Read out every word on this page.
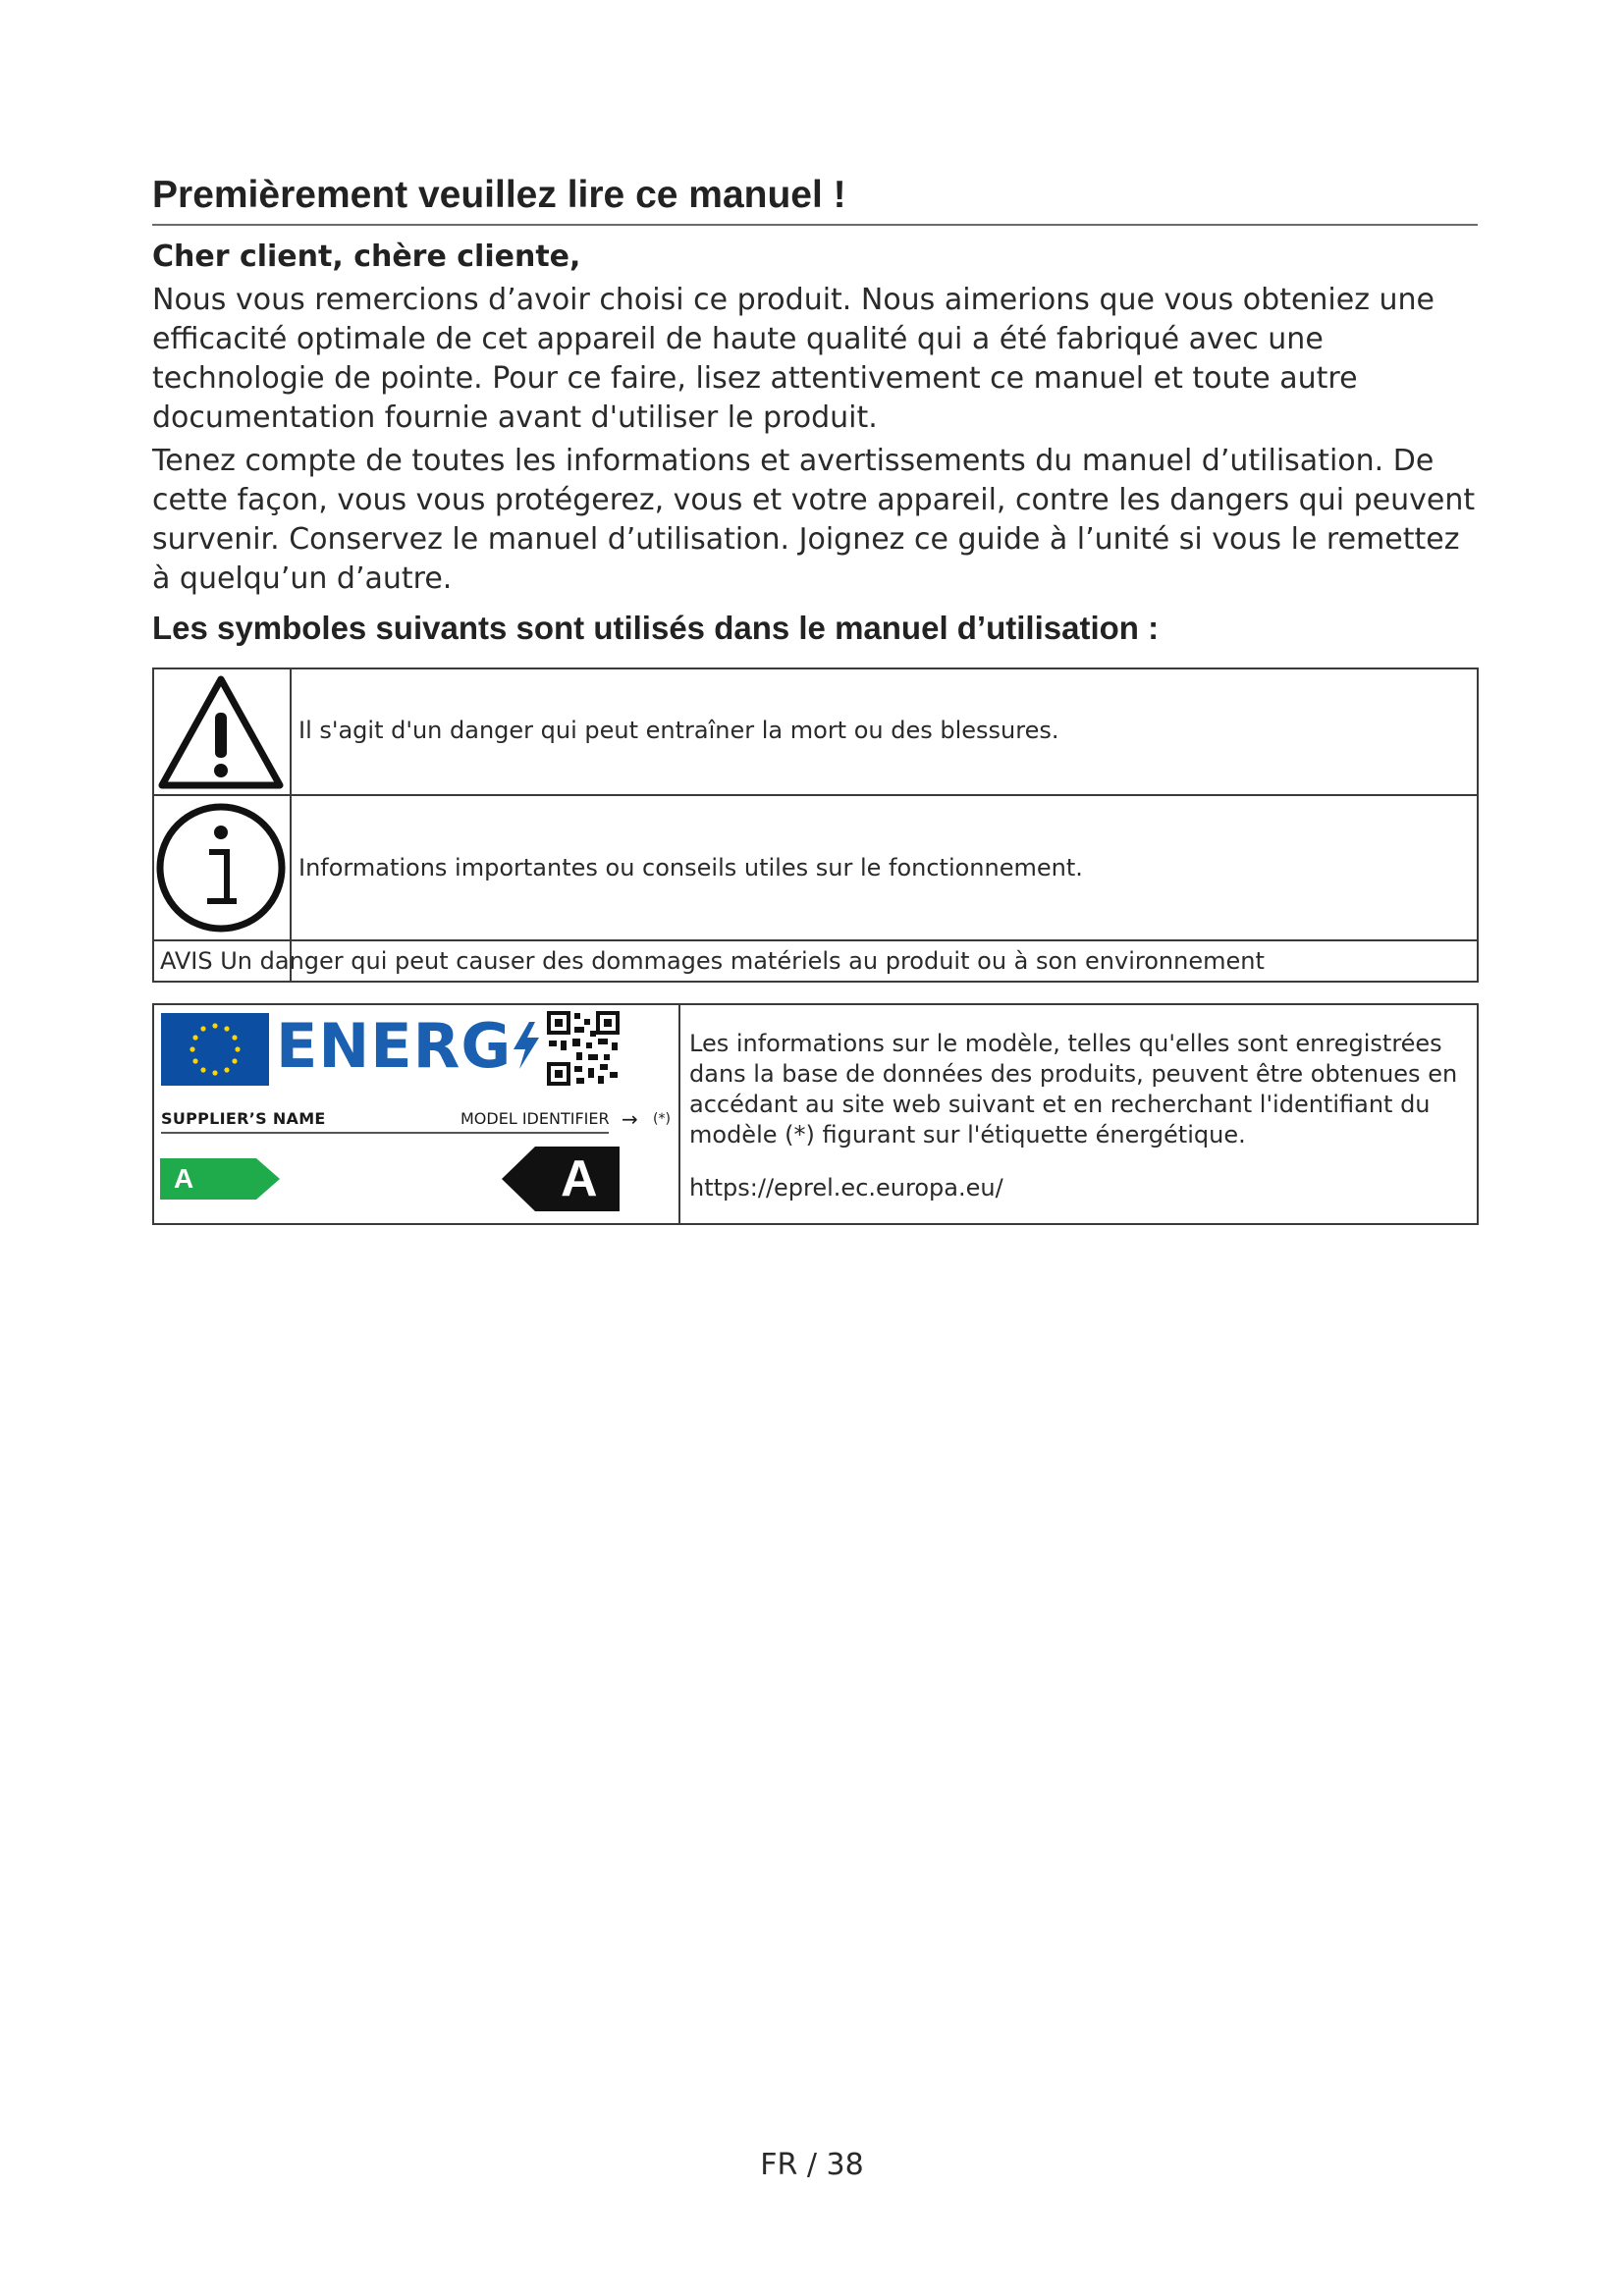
Premièrement veuillez lire ce manuel !

Cher client, chère cliente,

Nous vous remercions d’avoir choisi ce produit. Nous aimerions que vous obteniez une efficacité optimale de cet appareil de haute qualité qui a été fabriqué avec une technologie de pointe. Pour ce faire, lisez attentivement ce manuel et toute autre documentation fournie avant d'utiliser le produit.

Tenez compte de toutes les informations et avertissements du manuel d’utilisation. De cette façon, vous vous protégerez, vous et votre appareil, contre les dangers qui peuvent survenir. Conservez le manuel d’utilisation. Joignez ce guide à l’unité si vous le remettez à quelqu’un d’autre.

Les symboles suivants sont utilisés dans le manuel d’utilisation :

Il s'agit d'un danger qui peut entraîner la mort ou des blessures.

Informations importantes ou conseils utiles sur le fonctionnement.

AVIS Un danger qui peut causer des dommages matériels au produit ou à son environnement

ENERG
SUPPLIER’S NAME	MODEL IDENTIFIER → (*)
A	A

Les informations sur le modèle, telles qu'elles sont enregistrées dans la base de données des produits, peuvent être obtenues en accédant au site web suivant et en recherchant l'identifiant du modèle (*) figurant sur l'étiquette énergétique.

https://eprel.ec.europa.eu/

FR / 38
